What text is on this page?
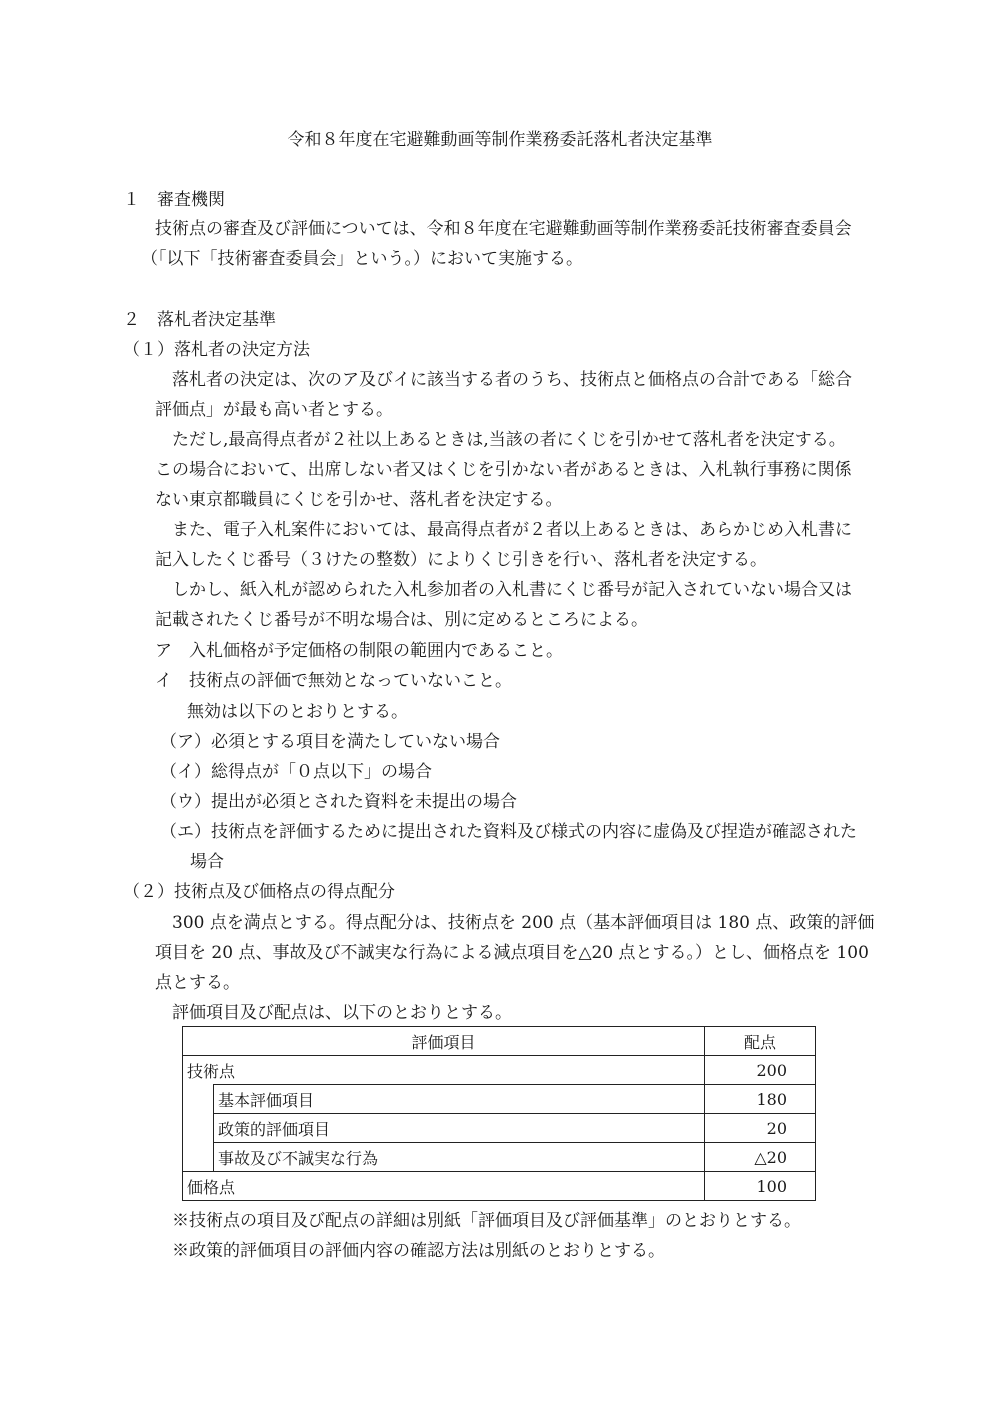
令和８年度在宅避難動画等制作業務委託落札者決定基準
１　審査機関
技術点の審査及び評価については、令和８年度在宅避難動画等制作業務委託技術審査委員会
（「以下「技術審査委員会」という。）において実施する。
２　落札者決定基準
（１）落札者の決定方法
落札者の決定は、次のア及びイに該当する者のうち、技術点と価格点の合計である「総合
評価点」が最も高い者とする。
ただし,最高得点者が２社以上あるときは,当該の者にくじを引かせて落札者を決定する。
この場合において、出席しない者又はくじを引かない者があるときは、入札執行事務に関係
ない東京都職員にくじを引かせ、落札者を決定する。
また、電子入札案件においては、最高得点者が２者以上あるときは、あらかじめ入札書に
記入したくじ番号（３けたの整数）によりくじ引きを行い、落札者を決定する。
しかし、紙入札が認められた入札参加者の入札書にくじ番号が記入されていない場合又は
記載されたくじ番号が不明な場合は、別に定めるところによる。
ア　入札価格が予定価格の制限の範囲内であること。
イ　技術点の評価で無効となっていないこと。
無効は以下のとおりとする。
（ア）必須とする項目を満たしていない場合
（イ）総得点が「０点以下」の場合
（ウ）提出が必須とされた資料を未提出の場合
（エ）技術点を評価するために提出された資料及び様式の内容に虚偽及び捏造が確認された
場合
（２）技術点及び価格点の得点配分
300 点を満点とする。得点配分は、技術点を 200 点（基本評価項目は 180 点、政策的評価
項目を 20 点、事故及び不誠実な行為による減点項目を△20 点とする。）とし、価格点を 100
点とする。
評価項目及び配点は、以下のとおりとする。
評価項目		配点
技術点		200
	基本評価項目	180
	政策的評価項目	20
	事故及び不誠実な行為	△20
価格点		100
※技術点の項目及び配点の詳細は別紙「評価項目及び評価基準」のとおりとする。
※政策的評価項目の評価内容の確認方法は別紙のとおりとする。
